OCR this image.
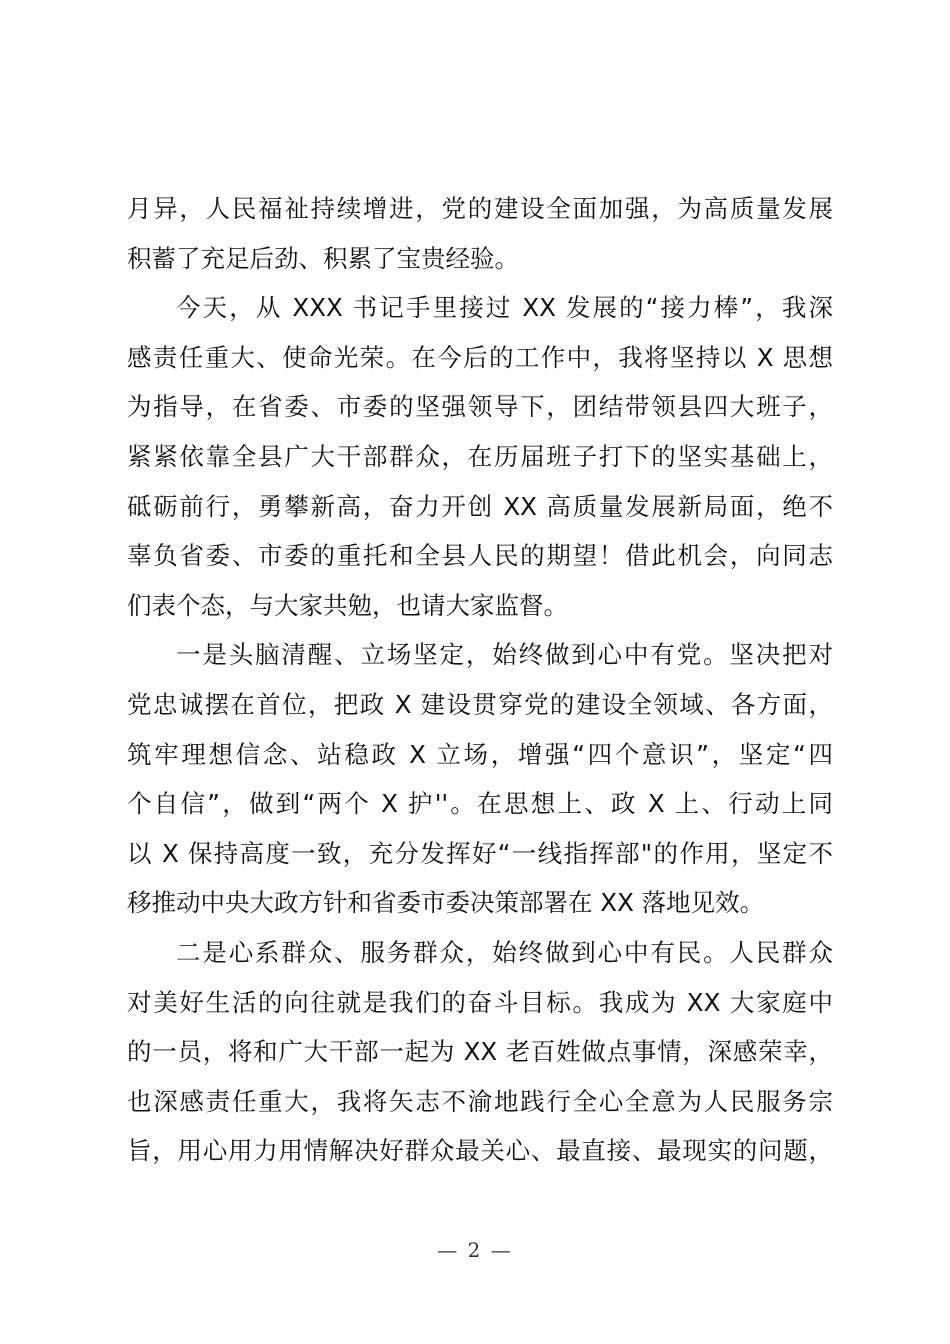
月异，人民福祉持续增进，党的建设全面加强，为高质量发展
积蓄了充足后劲、积累了宝贵经验。
今天，从 XXX 书记手里接过 XX 发展的“接力棒”，我深
感责任重大、使命光荣。在今后的工作中，我将坚持以 X 思想
为指导，在省委、市委的坚强领导下，团结带领县四大班子，
紧紧依靠全县广大干部群众，在历届班子打下的坚实基础上，
砥砺前行，勇攀新高，奋力开创 XX 高质量发展新局面，绝不
辜负省委、市委的重托和全县人民的期望！借此机会，向同志
们表个态，与大家共勉，也请大家监督。
一是头脑清醒、立场坚定，始终做到心中有党。坚决把对
党忠诚摆在首位，把政 X 建设贯穿党的建设全领域、各方面，
筑牢理想信念、站稳政 X 立场，增强“四个意识”，坚定“四
个自信”，做到“两个 X 护''。在思想上、政 X 上、行动上同
以 X 保持高度一致，充分发挥好“一线指挥部"的作用，坚定不
移推动中央大政方针和省委市委决策部署在 XX 落地见效。
二是心系群众、服务群众，始终做到心中有民。人民群众
对美好生活的向往就是我们的奋斗目标。我成为 XX 大家庭中
的一员，将和广大干部一起为 XX 老百姓做点事情，深感荣幸，
也深感责任重大，我将矢志不渝地践行全心全意为人民服务宗
旨，用心用力用情解决好群众最关心、最直接、最现实的问题，
— 2 —
